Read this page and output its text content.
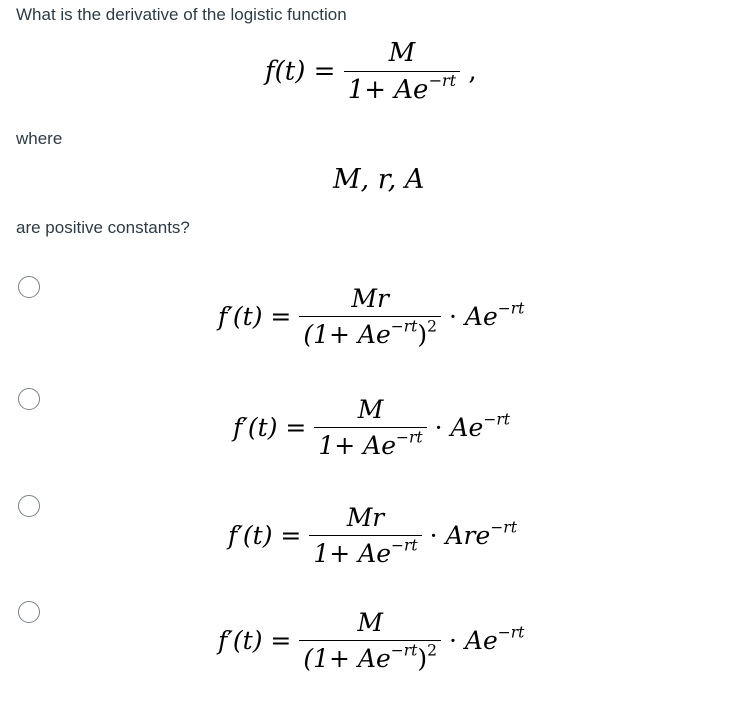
What is the derivative of the logistic function
$f(t) = \frac{M}{1+ Ae^{-rt}}$ ,
where
M, r, A
are positive constants?
$f'(t) = \frac{Mr}{(1+ Ae^{-rt})^2} \cdot Ae^{-rt}$
$f'(t) = \frac{M}{1+ Ae^{-rt}} \cdot Ae^{-rt}$
$f'(t) = \frac{Mr}{1+ Ae^{-rt}} \cdot Are^{-rt}$
$f'(t) = \frac{M}{(1+ Ae^{-rt})^2} \cdot Ae^{-rt}$
